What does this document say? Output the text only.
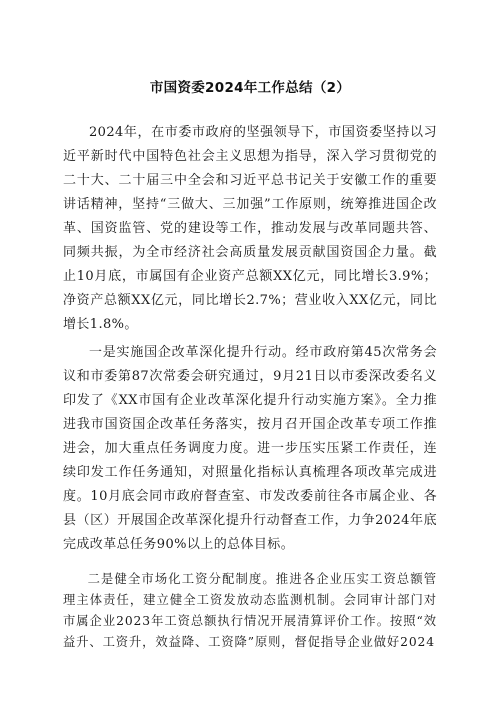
市国资委2024年工作总结（2）

2024年，在市委市政府的坚强领导下，市国资委坚持以习近平新时代中国特色社会主义思想为指导，深入学习贯彻党的二十大、二十届三中全会和习近平总书记关于安徽工作的重要讲话精神，坚持“三做大、三加强”工作原则，统筹推进国企改革、国资监管、党的建设等工作，推动发展与改革同题共答、同频共振，为全市经济社会高质量发展贡献国资国企力量。截止10月底，市属国有企业资产总额XX亿元，同比增长3.9%；净资产总额XX亿元，同比增长2.7%；营业收入XX亿元，同比增长1.8%。

一是实施国企改革深化提升行动。经市政府第45次常务会议和市委第87次常委会研究通过，9月21日以市委深改委名义印发了《XX市国有企业改革深化提升行动实施方案》。全力推进我市国资国企改革任务落实，按月召开国企改革专项工作推进会，加大重点任务调度力度。进一步压实压紧工作责任，连续印发工作任务通知，对照量化指标认真梳理各项改革完成进度。10月底会同市政府督查室、市发改委前往各市属企业、各县（区）开展国企改革深化提升行动督查工作，力争2024年底完成改革总任务90%以上的总体目标。

二是健全市场化工资分配制度。推进各企业压实工资总额管理主体责任，建立健全工资发放动态监测机制。会同审计部门对市属企业2023年工资总额执行情况开展清算评价工作。按照“效益升、工资升，效益降、工资降”原则，督促指导企业做好2024
